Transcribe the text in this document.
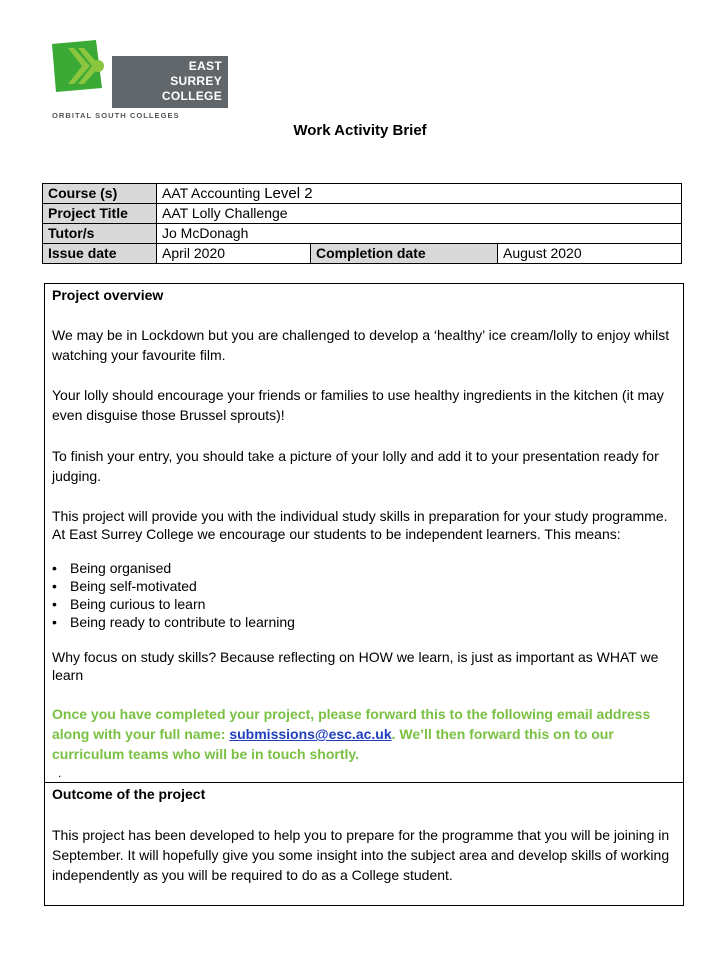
EAST
SURREY
COLLEGE
ORBITAL SOUTH COLLEGES
Work Activity Brief
Course (s)	AAT Accounting Level 2		
Project Title	AAT Lolly Challenge		
Tutor/s	Jo McDonagh		
Issue date	April 2020	Completion date	August 2020
Project overview
We may be in Lockdown but you are challenged to develop a ‘healthy’ ice cream/lolly to enjoy whilst watching your favourite film.
Your lolly should encourage your friends or families to use healthy ingredients in the kitchen (it may even disguise those Brussel sprouts)!
To finish your entry, you should take a picture of your lolly and add it to your presentation ready for judging.
This project will provide you with the individual study skills in preparation for your study programme. At East Surrey College we encourage our students to be independent learners. This means:
• Being organised
• Being self-motivated
• Being curious to learn
• Being ready to contribute to learning
Why focus on study skills? Because reflecting on HOW we learn, is just as important as WHAT we learn
Once you have completed your project, please forward this to the following email address along with your full name: submissions@esc.ac.uk. We’ll then forward this on to our curriculum teams who will be in touch shortly.
.
Outcome of the project
This project has been developed to help you to prepare for the programme that you will be joining in September. It will hopefully give you some insight into the subject area and develop skills of working independently as you will be required to do as a College student.
